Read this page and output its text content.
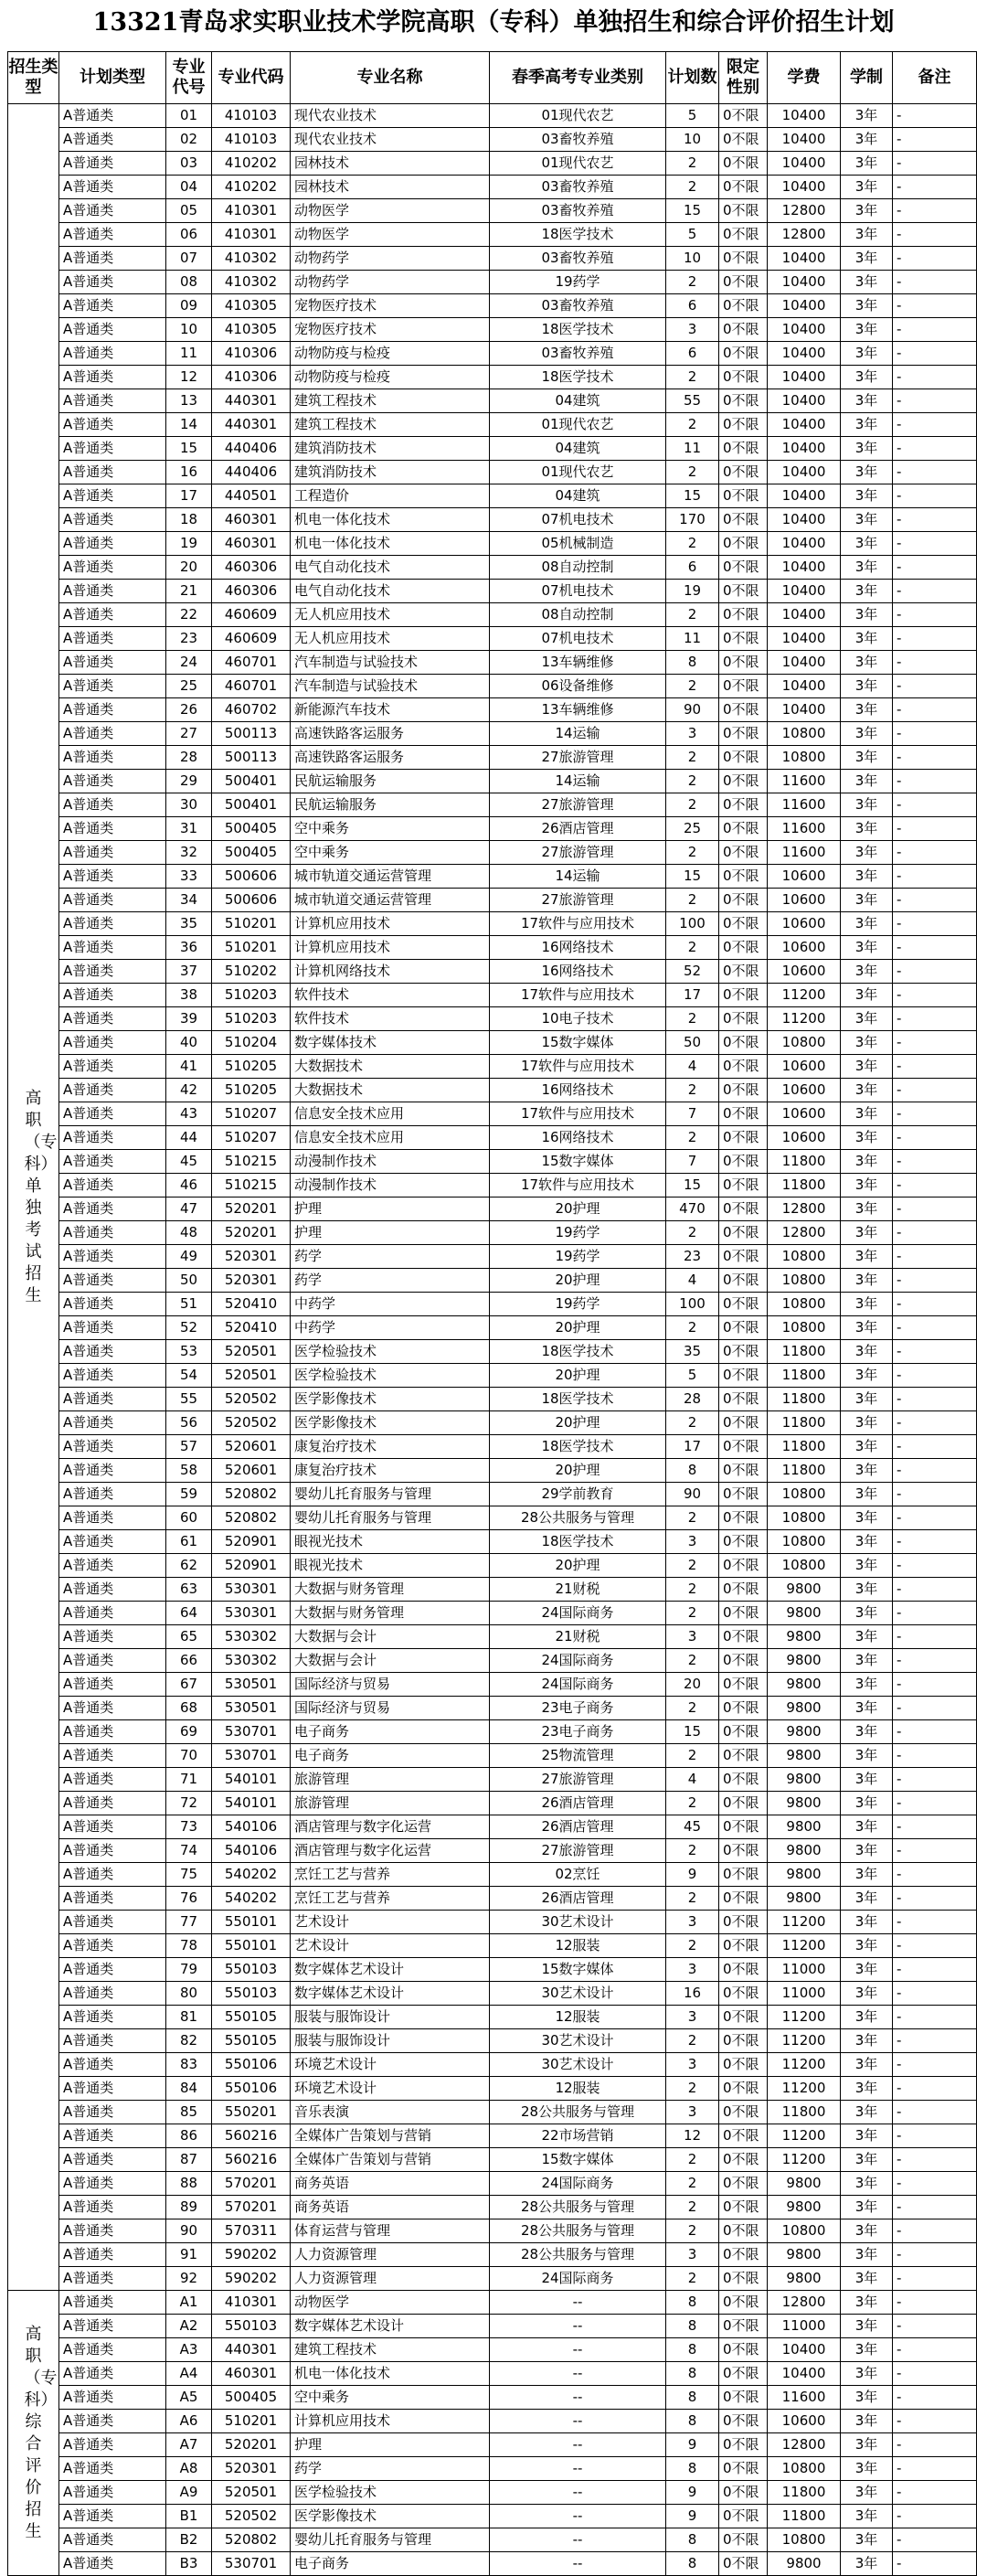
13321青岛求实职业技术学院高职（专科）单独招生和综合评价招生计划
招生类型	计划类型	专业代号	专业代码	专业名称	春季高考专业类别	计划数	限定性别	学费	学制	备注
高职（专科）单独考试招生	A普通类	01	410103	现代农业技术	01现代农艺	5	0不限	10400	3年	-
	A普通类	02	410103	现代农业技术	03畜牧养殖	10	0不限	10400	3年	-
	A普通类	03	410202	园林技术	01现代农艺	2	0不限	10400	3年	-
	A普通类	04	410202	园林技术	03畜牧养殖	2	0不限	10400	3年	-
	A普通类	05	410301	动物医学	03畜牧养殖	15	0不限	12800	3年	-
	A普通类	06	410301	动物医学	18医学技术	5	0不限	12800	3年	-
	A普通类	07	410302	动物药学	03畜牧养殖	10	0不限	10400	3年	-
	A普通类	08	410302	动物药学	19药学	2	0不限	10400	3年	-
	A普通类	09	410305	宠物医疗技术	03畜牧养殖	6	0不限	10400	3年	-
	A普通类	10	410305	宠物医疗技术	18医学技术	3	0不限	10400	3年	-
	A普通类	11	410306	动物防疫与检疫	03畜牧养殖	6	0不限	10400	3年	-
	A普通类	12	410306	动物防疫与检疫	18医学技术	2	0不限	10400	3年	-
	A普通类	13	440301	建筑工程技术	04建筑	55	0不限	10400	3年	-
	A普通类	14	440301	建筑工程技术	01现代农艺	2	0不限	10400	3年	-
	A普通类	15	440406	建筑消防技术	04建筑	11	0不限	10400	3年	-
	A普通类	16	440406	建筑消防技术	01现代农艺	2	0不限	10400	3年	-
	A普通类	17	440501	工程造价	04建筑	15	0不限	10400	3年	-
	A普通类	18	460301	机电一体化技术	07机电技术	170	0不限	10400	3年	-
	A普通类	19	460301	机电一体化技术	05机械制造	2	0不限	10400	3年	-
	A普通类	20	460306	电气自动化技术	08自动控制	6	0不限	10400	3年	-
	A普通类	21	460306	电气自动化技术	07机电技术	19	0不限	10400	3年	-
	A普通类	22	460609	无人机应用技术	08自动控制	2	0不限	10400	3年	-
	A普通类	23	460609	无人机应用技术	07机电技术	11	0不限	10400	3年	-
	A普通类	24	460701	汽车制造与试验技术	13车辆维修	8	0不限	10400	3年	-
	A普通类	25	460701	汽车制造与试验技术	06设备维修	2	0不限	10400	3年	-
	A普通类	26	460702	新能源汽车技术	13车辆维修	90	0不限	10400	3年	-
	A普通类	27	500113	高速铁路客运服务	14运输	3	0不限	10800	3年	-
	A普通类	28	500113	高速铁路客运服务	27旅游管理	2	0不限	10800	3年	-
	A普通类	29	500401	民航运输服务	14运输	2	0不限	11600	3年	-
	A普通类	30	500401	民航运输服务	27旅游管理	2	0不限	11600	3年	-
	A普通类	31	500405	空中乘务	26酒店管理	25	0不限	11600	3年	-
	A普通类	32	500405	空中乘务	27旅游管理	2	0不限	11600	3年	-
	A普通类	33	500606	城市轨道交通运营管理	14运输	15	0不限	10600	3年	-
	A普通类	34	500606	城市轨道交通运营管理	27旅游管理	2	0不限	10600	3年	-
	A普通类	35	510201	计算机应用技术	17软件与应用技术	100	0不限	10600	3年	-
	A普通类	36	510201	计算机应用技术	16网络技术	2	0不限	10600	3年	-
	A普通类	37	510202	计算机网络技术	16网络技术	52	0不限	10600	3年	-
	A普通类	38	510203	软件技术	17软件与应用技术	17	0不限	11200	3年	-
	A普通类	39	510203	软件技术	10电子技术	2	0不限	11200	3年	-
	A普通类	40	510204	数字媒体技术	15数字媒体	50	0不限	10800	3年	-
	A普通类	41	510205	大数据技术	17软件与应用技术	4	0不限	10600	3年	-
	A普通类	42	510205	大数据技术	16网络技术	2	0不限	10600	3年	-
	A普通类	43	510207	信息安全技术应用	17软件与应用技术	7	0不限	10600	3年	-
	A普通类	44	510207	信息安全技术应用	16网络技术	2	0不限	10600	3年	-
	A普通类	45	510215	动漫制作技术	15数字媒体	7	0不限	11800	3年	-
	A普通类	46	510215	动漫制作技术	17软件与应用技术	15	0不限	11800	3年	-
	A普通类	47	520201	护理	20护理	470	0不限	12800	3年	-
	A普通类	48	520201	护理	19药学	2	0不限	12800	3年	-
	A普通类	49	520301	药学	19药学	23	0不限	10800	3年	-
	A普通类	50	520301	药学	20护理	4	0不限	10800	3年	-
	A普通类	51	520410	中药学	19药学	100	0不限	10800	3年	-
	A普通类	52	520410	中药学	20护理	2	0不限	10800	3年	-
	A普通类	53	520501	医学检验技术	18医学技术	35	0不限	11800	3年	-
	A普通类	54	520501	医学检验技术	20护理	5	0不限	11800	3年	-
	A普通类	55	520502	医学影像技术	18医学技术	28	0不限	11800	3年	-
	A普通类	56	520502	医学影像技术	20护理	2	0不限	11800	3年	-
	A普通类	57	520601	康复治疗技术	18医学技术	17	0不限	11800	3年	-
	A普通类	58	520601	康复治疗技术	20护理	8	0不限	11800	3年	-
	A普通类	59	520802	婴幼儿托育服务与管理	29学前教育	90	0不限	10800	3年	-
	A普通类	60	520802	婴幼儿托育服务与管理	28公共服务与管理	2	0不限	10800	3年	-
	A普通类	61	520901	眼视光技术	18医学技术	3	0不限	10800	3年	-
	A普通类	62	520901	眼视光技术	20护理	2	0不限	10800	3年	-
	A普通类	63	530301	大数据与财务管理	21财税	2	0不限	9800	3年	-
	A普通类	64	530301	大数据与财务管理	24国际商务	2	0不限	9800	3年	-
	A普通类	65	530302	大数据与会计	21财税	3	0不限	9800	3年	-
	A普通类	66	530302	大数据与会计	24国际商务	2	0不限	9800	3年	-
	A普通类	67	530501	国际经济与贸易	24国际商务	20	0不限	9800	3年	-
	A普通类	68	530501	国际经济与贸易	23电子商务	2	0不限	9800	3年	-
	A普通类	69	530701	电子商务	23电子商务	15	0不限	9800	3年	-
	A普通类	70	530701	电子商务	25物流管理	2	0不限	9800	3年	-
	A普通类	71	540101	旅游管理	27旅游管理	4	0不限	9800	3年	-
	A普通类	72	540101	旅游管理	26酒店管理	2	0不限	9800	3年	-
	A普通类	73	540106	酒店管理与数字化运营	26酒店管理	45	0不限	9800	3年	-
	A普通类	74	540106	酒店管理与数字化运营	27旅游管理	2	0不限	9800	3年	-
	A普通类	75	540202	烹饪工艺与营养	02烹饪	9	0不限	9800	3年	-
	A普通类	76	540202	烹饪工艺与营养	26酒店管理	2	0不限	9800	3年	-
	A普通类	77	550101	艺术设计	30艺术设计	3	0不限	11200	3年	-
	A普通类	78	550101	艺术设计	12服装	2	0不限	11200	3年	-
	A普通类	79	550103	数字媒体艺术设计	15数字媒体	3	0不限	11000	3年	-
	A普通类	80	550103	数字媒体艺术设计	30艺术设计	16	0不限	11000	3年	-
	A普通类	81	550105	服装与服饰设计	12服装	3	0不限	11200	3年	-
	A普通类	82	550105	服装与服饰设计	30艺术设计	2	0不限	11200	3年	-
	A普通类	83	550106	环境艺术设计	30艺术设计	3	0不限	11200	3年	-
	A普通类	84	550106	环境艺术设计	12服装	2	0不限	11200	3年	-
	A普通类	85	550201	音乐表演	28公共服务与管理	3	0不限	11800	3年	-
	A普通类	86	560216	全媒体广告策划与营销	22市场营销	12	0不限	11200	3年	-
	A普通类	87	560216	全媒体广告策划与营销	15数字媒体	2	0不限	11200	3年	-
	A普通类	88	570201	商务英语	24国际商务	2	0不限	9800	3年	-
	A普通类	89	570201	商务英语	28公共服务与管理	2	0不限	9800	3年	-
	A普通类	90	570311	体育运营与管理	28公共服务与管理	2	0不限	10800	3年	-
	A普通类	91	590202	人力资源管理	28公共服务与管理	3	0不限	9800	3年	-
	A普通类	92	590202	人力资源管理	24国际商务	2	0不限	9800	3年	-
高职（专科）综合评价招生	A普通类	A1	410301	动物医学	--	8	0不限	12800	3年	-
	A普通类	A2	550103	数字媒体艺术设计	--	8	0不限	11000	3年	-
	A普通类	A3	440301	建筑工程技术	--	8	0不限	10400	3年	-
	A普通类	A4	460301	机电一体化技术	--	8	0不限	10400	3年	-
	A普通类	A5	500405	空中乘务	--	8	0不限	11600	3年	-
	A普通类	A6	510201	计算机应用技术	--	8	0不限	10600	3年	-
	A普通类	A7	520201	护理	--	9	0不限	12800	3年	-
	A普通类	A8	520301	药学	--	8	0不限	10800	3年	-
	A普通类	A9	520501	医学检验技术	--	9	0不限	11800	3年	-
	A普通类	B1	520502	医学影像技术	--	9	0不限	11800	3年	-
	A普通类	B2	520802	婴幼儿托育服务与管理	--	8	0不限	10800	3年	-
	A普通类	B3	530701	电子商务	--	8	0不限	9800	3年	-
